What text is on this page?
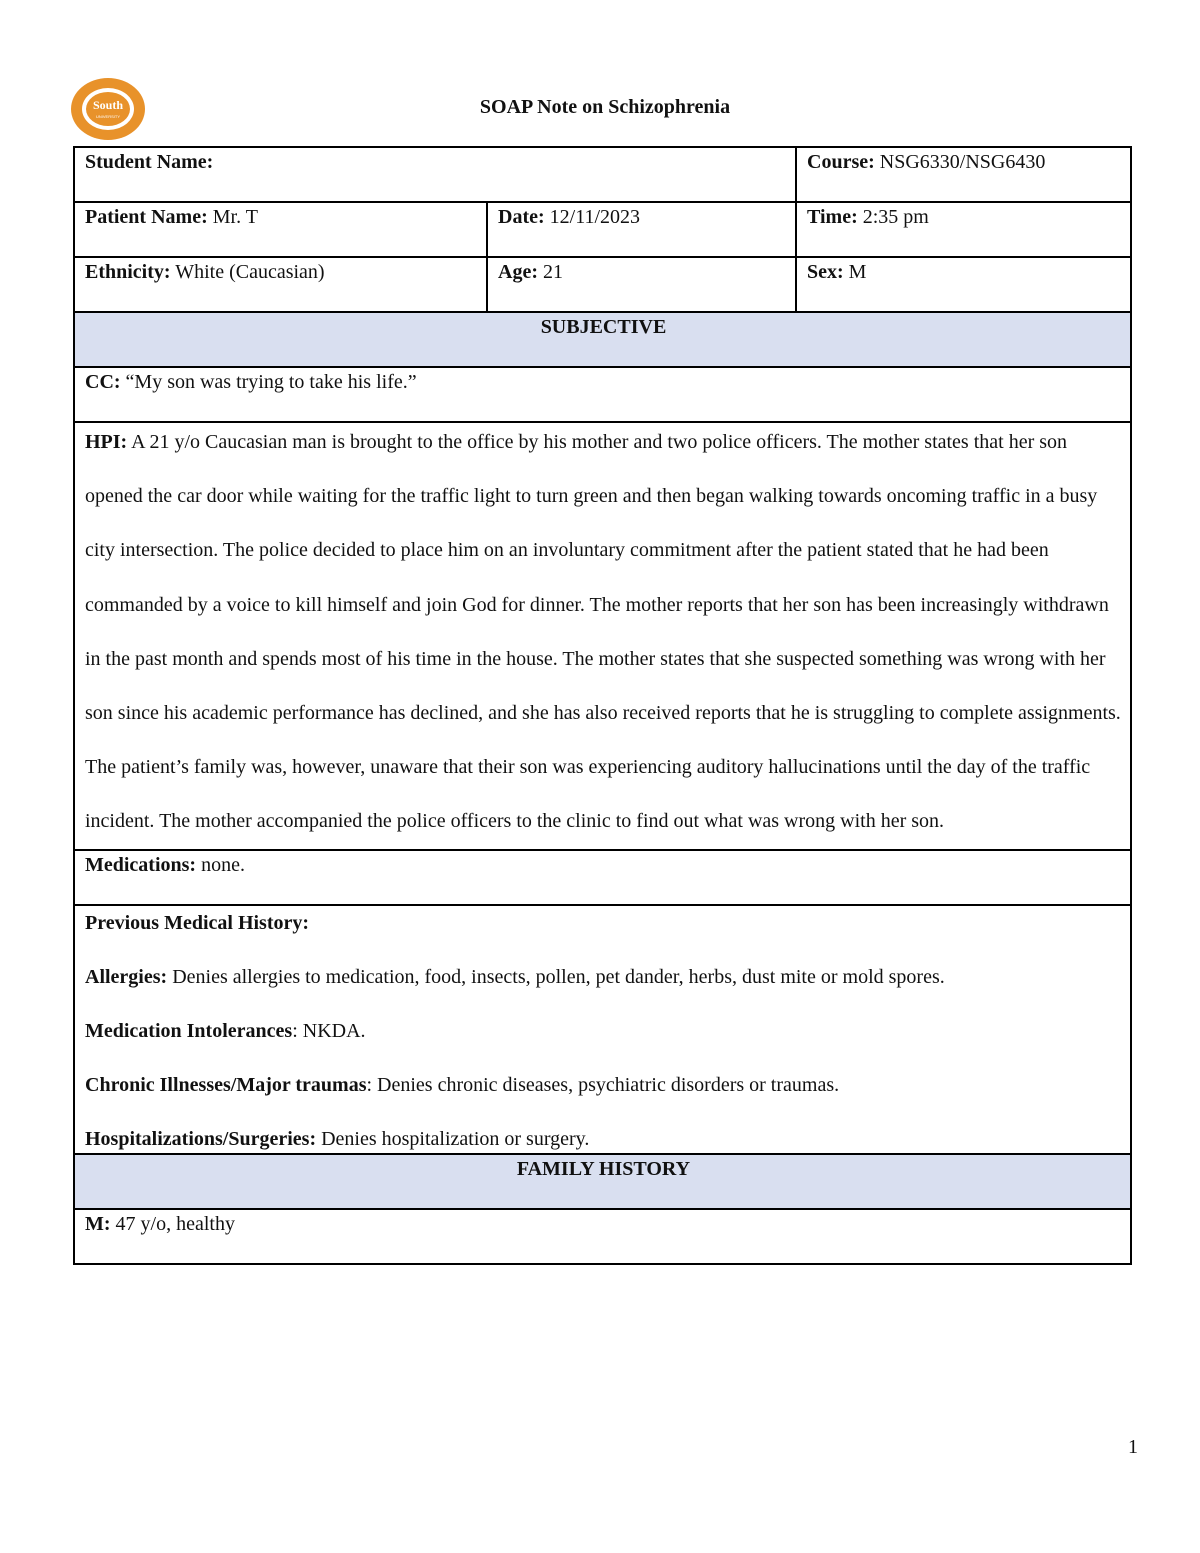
South
UNIVERSITY	SOAP Note on Schizophrenia
Student Name:		Course: NSG6330/NSG6430
Patient Name: Mr. T	Date: 12/11/2023	Time: 2:35 pm
Ethnicity: White (Caucasian)	Age: 21	Sex: M
SUBJECTIVE		
CC: “My son was trying to take his life.”		

HPI: A 21 y/o Caucasian man is brought to the office by his mother and two police officers. The mother states that her son opened the car door while waiting for the traffic light to turn green and then began walking towards oncoming traffic in a busy city intersection. The police decided to place him on an involuntary commitment after the patient stated that he had been commanded by a voice to kill himself and join God for dinner. The mother reports that her son has been increasingly withdrawn in the past month and spends most of his time in the house. The mother states that she suspected something was wrong with her son since his academic performance has declined, and she has also received reports that he is struggling to complete assignments. The patient’s family was, however, unaware that their son was experiencing auditory hallucinations until the day of the traffic incident. The mother accompanied the police officers to the clinic to find out what was wrong with her son.		

Medications: none.		

Previous Medical History:

Allergies: Denies allergies to medication, food, insects, pollen, pet dander, herbs, dust mite or mold spores.

Medication Intolerances: NKDA.

Chronic Illnesses/Major traumas: Denies chronic diseases, psychiatric disorders or traumas.

Hospitalizations/Surgeries: Denies hospitalization or surgery.		

FAMILY HISTORY		
M: 47 y/o, healthy		
1
